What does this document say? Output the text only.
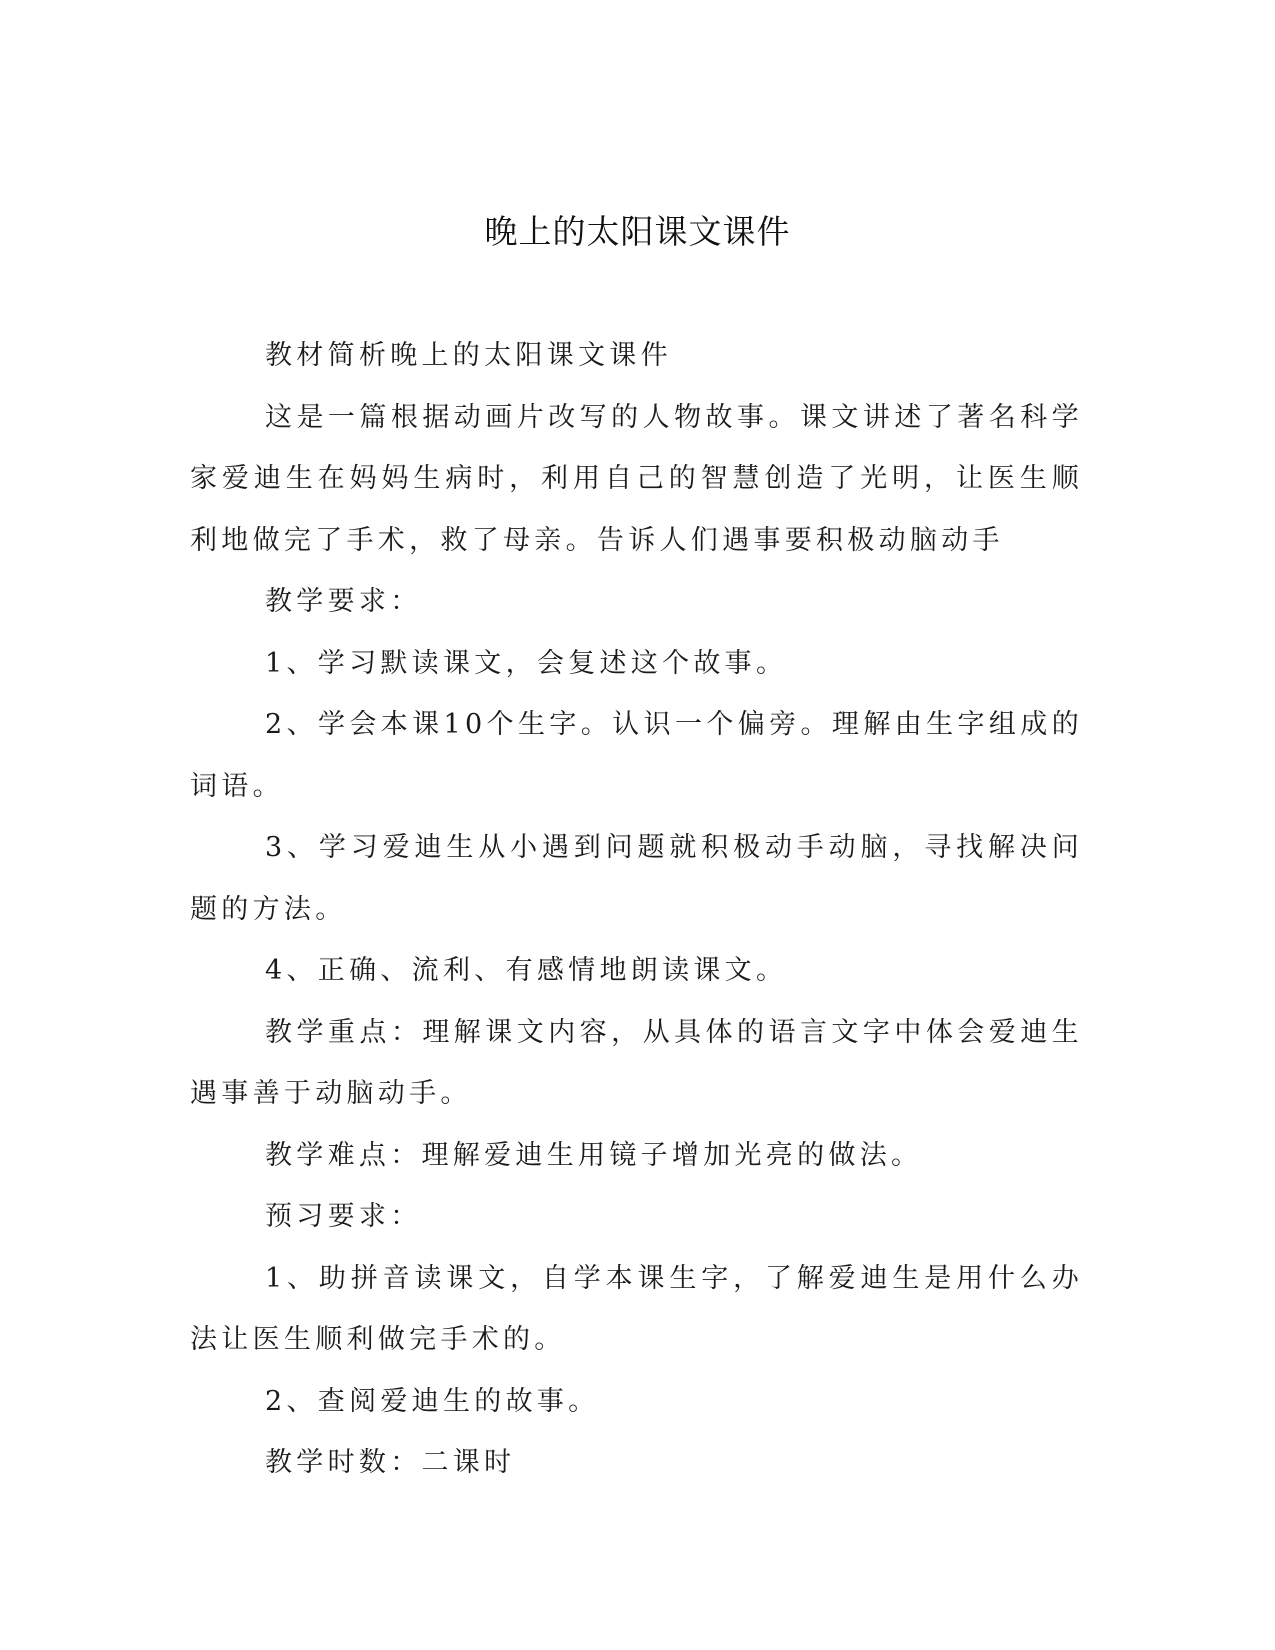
晚上的太阳课文课件

教材简析晚上的太阳课文课件

这是一篇根据动画片改写的人物故事。课文讲述了著名科学家爱迪生在妈妈生病时，利用自己的智慧创造了光明，让医生顺利地做完了手术，救了母亲。告诉人们遇事要积极动脑动手

教学要求：

1、学习默读课文，会复述这个故事。

2、学会本课10个生字。认识一个偏旁。理解由生字组成的词语。

3、学习爱迪生从小遇到问题就积极动手动脑，寻找解决问题的方法。

4、正确、流利、有感情地朗读课文。

教学重点：理解课文内容，从具体的语言文字中体会爱迪生遇事善于动脑动手。

教学难点：理解爱迪生用镜子增加光亮的做法。

预习要求：

1、助拼音读课文，自学本课生字，了解爱迪生是用什么办法让医生顺利做完手术的。

2、查阅爱迪生的故事。

教学时数：二课时
